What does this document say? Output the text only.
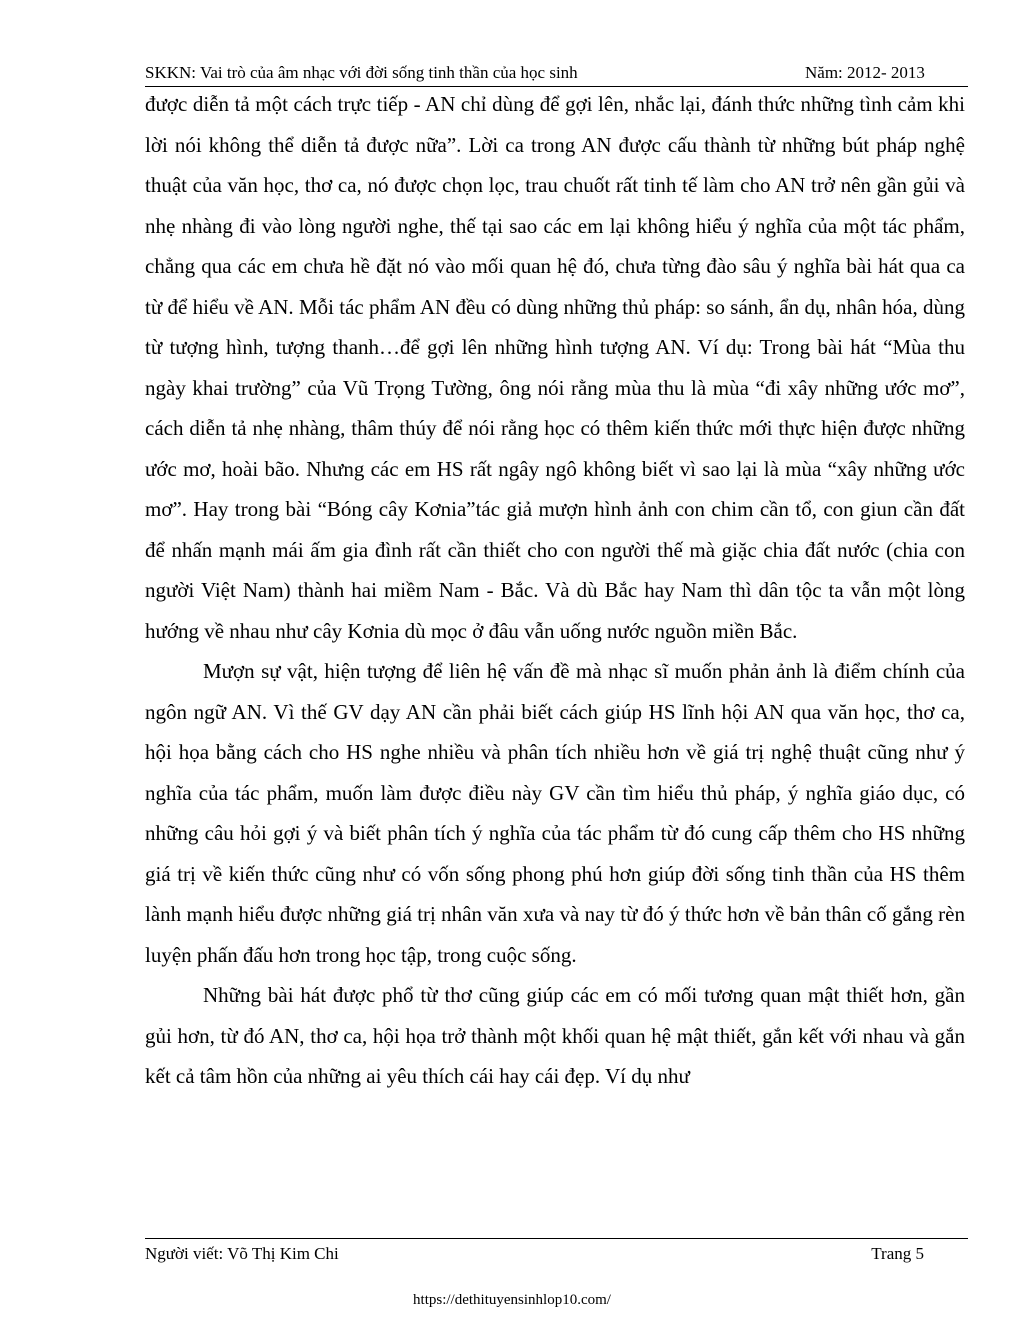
SKKN: Vai trò của âm nhạc với đời sống tinh thần của học sinh	Năm: 2012- 2013

được diễn tả một cách trực tiếp - AN chỉ dùng để gợi lên, nhắc lại, đánh thức những tình cảm khi lời nói không thể diễn tả được nữa”. Lời ca trong AN được cấu thành từ những bút pháp nghệ thuật của văn học, thơ ca, nó được chọn lọc, trau chuốt rất tinh tế làm cho AN trở nên gần gủi và nhẹ nhàng đi vào lòng người nghe, thế tại sao các em lại không hiểu ý nghĩa của một tác phẩm, chẳng qua các em chưa hề đặt nó vào mối quan hệ đó, chưa từng đào sâu ý nghĩa bài hát qua ca từ để hiểu về AN. Mỗi tác phẩm AN đều có dùng những thủ pháp: so sánh, ẩn dụ, nhân hóa, dùng từ tượng hình, tượng thanh…để gợi lên những hình tượng AN. Ví dụ: Trong bài hát “Mùa thu ngày khai trường” của Vũ Trọng Tường, ông nói rằng mùa thu là mùa “đi xây những ước mơ”, cách diễn tả nhẹ nhàng, thâm thúy để nói rằng học có thêm kiến thức mới thực hiện được những ước mơ, hoài bão. Nhưng các em HS rất ngây ngô không biết vì sao lại là mùa “xây những ước mơ”. Hay trong bài “Bóng cây Kơnia”tác giả mượn hình ảnh con chim cần tổ, con giun cần đất để nhấn mạnh mái ấm gia đình rất cần thiết cho con người thế mà giặc chia đất nước (chia con người Việt Nam) thành hai miềm Nam - Bắc. Và dù Bắc hay Nam thì dân tộc ta vẫn một lòng hướng về nhau như cây Kơnia dù mọc ở đâu vẫn uống nước nguồn miền Bắc.

Mượn sự vật, hiện tượng để liên hệ vấn đề mà nhạc sĩ muốn phản ảnh là điểm chính của ngôn ngữ AN. Vì thế GV dạy AN cần phải biết cách giúp HS lĩnh hội AN qua văn học, thơ ca, hội họa bằng cách cho HS nghe nhiều và phân tích nhiều hơn về giá trị nghệ thuật cũng như ý nghĩa của tác phẩm, muốn làm được điều này GV cần tìm hiểu thủ pháp, ý nghĩa giáo dục, có những câu hỏi gợi ý và biết phân tích ý nghĩa của tác phẩm từ đó cung cấp thêm cho HS những giá trị về kiến thức cũng như có vốn sống phong phú hơn giúp đời sống tinh thần của HS thêm lành mạnh hiểu được những giá trị nhân văn xưa và nay từ đó ý thức hơn về bản thân cố gắng rèn luyện phấn đấu hơn trong học tập, trong cuộc sống.

Những bài hát được phổ từ thơ cũng giúp các em có mối tương quan mật thiết hơn, gần gủi hơn, từ đó AN, thơ ca, hội họa trở thành một khối quan hệ mật thiết, gắn kết với nhau và gắn kết cả tâm hồn của những ai yêu thích cái hay cái đẹp. Ví dụ như

Người viết: Võ Thị Kim Chi	Trang 5
https://dethituyensinhlop10.com/
